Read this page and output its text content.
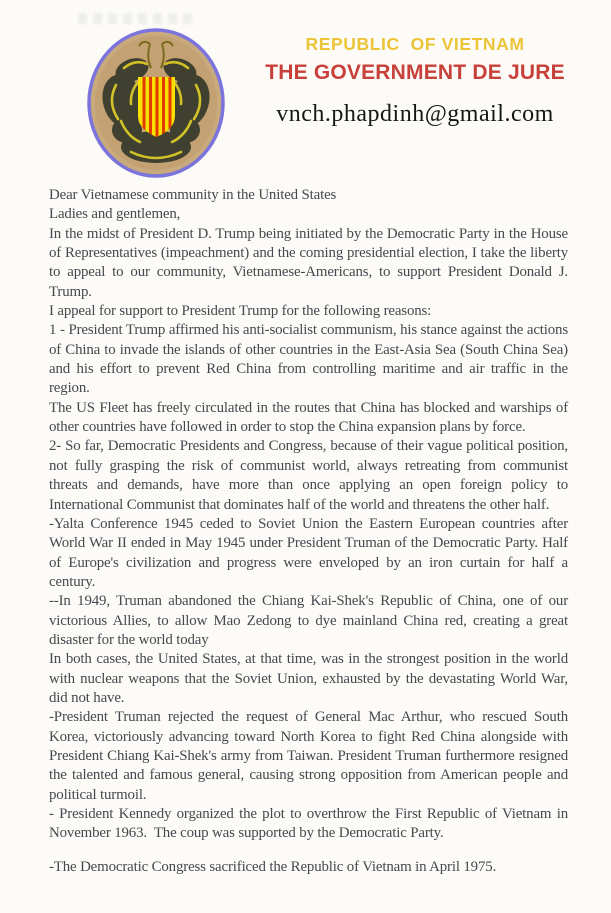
REPUBLIC  OF VIETNAM
THE GOVERNMENT DE JURE
vnch.phapdinh@gmail.com

Dear Vietnamese community in the United States

Ladies and gentlemen,

In the midst of President D. Trump being initiated by the Democratic Party in the House of Representatives (impeachment) and the coming presidential election, I take the liberty to appeal to our community, Vietnamese-Americans, to support President Donald J. Trump.

I appeal for support to President Trump for the following reasons:

1 - President Trump affirmed his anti-socialist communism, his stance against the actions of China to invade the islands of other countries in the East-Asia Sea (South China Sea) and his effort to prevent Red China from controlling maritime and air traffic in the region.

The US Fleet has freely circulated in the routes that China has blocked and warships of other countries have followed in order to stop the China expansion plans by force.

2- So far, Democratic Presidents and Congress, because of their vague political position, not fully grasping the risk of communist world, always retreating from communist threats and demands, have more than once applying an open foreign policy to International Communist that dominates half of the world and threatens the other half.

-Yalta Conference 1945 ceded to Soviet Union the Eastern European countries after World War II ended in May 1945 under President Truman of the Democratic Party. Half of Europe's civilization and progress were enveloped by an iron curtain for half a century.

--In 1949, Truman abandoned the Chiang Kai-Shek's Republic of China, one of our victorious Allies, to allow Mao Zedong to dye mainland China red, creating a great disaster for the world today

In both cases, the United States, at that time, was in the strongest position in the world with nuclear weapons that the Soviet Union, exhausted by the devastating World War, did not have.

-President Truman rejected the request of General Mac Arthur, who rescued South Korea, victoriously advancing toward North Korea to fight Red China alongside with President Chiang Kai-Shek's army from Taiwan. President Truman furthermore resigned the talented and famous general, causing strong opposition from American people and political turmoil.

- President Kennedy organized the plot to overthrow the First Republic of Vietnam in November 1963.  The coup was supported by the Democratic Party.

-The Democratic Congress sacrificed the Republic of Vietnam in April 1975.
